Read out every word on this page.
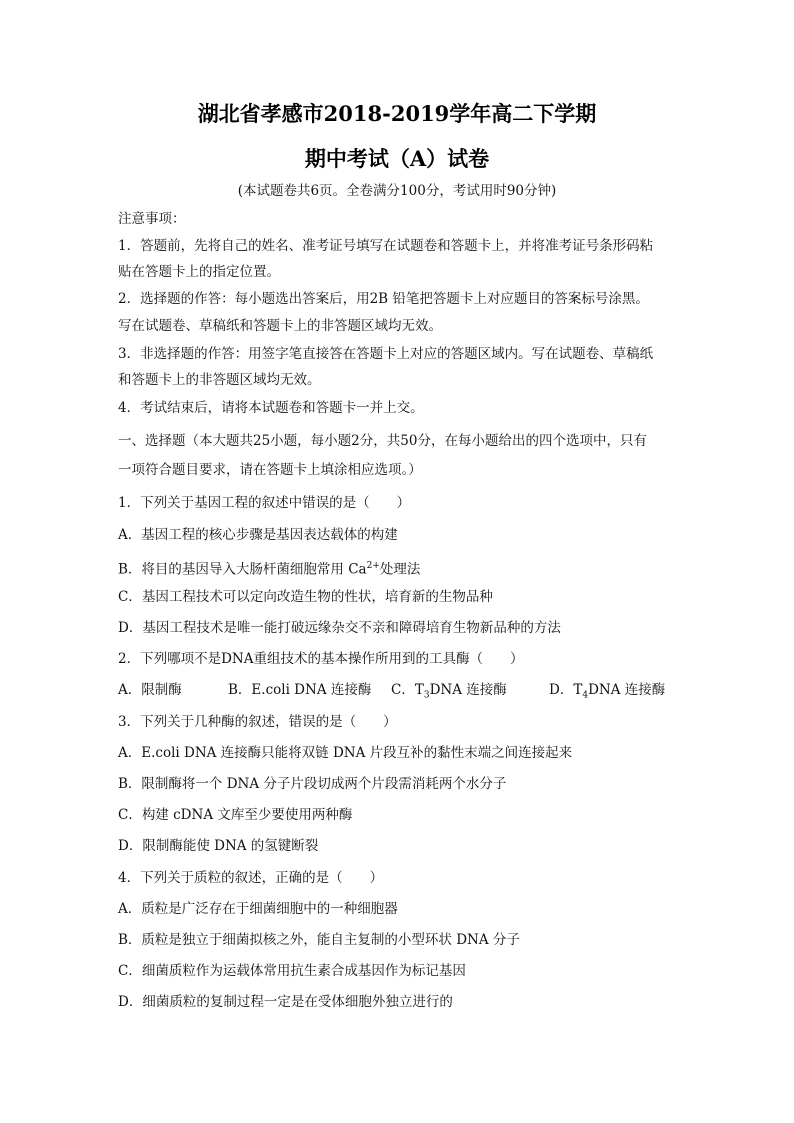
湖北省孝感市2018-2019学年高二下学期
期中考试（A）试卷
(本试题卷共6页。全卷满分100分，考试用时90分钟)
注意事项：
1．答题前，先将自己的姓名、准考证号填写在试题卷和答题卡上，并将准考证号条形码粘
贴在答题卡上的指定位置。
2．选择题的作答：每小题选出答案后，用2B 铅笔把答题卡上对应题目的答案标号涂黑。
写在试题卷、草稿纸和答题卡上的非答题区域均无效。
3．非选择题的作答：用签字笔直接答在答题卡上对应的答题区域内。写在试题卷、草稿纸
和答题卡上的非答题区域均无效。
4．考试结束后，请将本试题卷和答题卡一并上交。
一、选择题（本大题共25小题，每小题2分，共50分，在每小题给出的四个选项中，只有
一项符合题目要求，请在答题卡上填涂相应选项。）
1．下列关于基因工程的叙述中错误的是（　　）
A．基因工程的核心步骤是基因表达载体的构建
B．将目的基因导入大肠杆菌细胞常用 $Ca^{2+}$处理法
C．基因工程技术可以定向改造生物的性状，培育新的生物品种
D．基因工程技术是唯一能打破远缘杂交不亲和障碍培育生物新品种的方法
2．下列哪项不是DNA重组技术的基本操作所用到的工具酶（　　）
A．限制酶	B．E.coli DNA 连接酶 C．$T_3DNA$ 连接酶	D．$T_4DNA$ 连接酶
3．下列关于几种酶的叙述，错误的是（　　）
A．E.coli DNA 连接酶只能将双链 DNA 片段互补的黏性末端之间连接起来
B．限制酶将一个 DNA 分子片段切成两个片段需消耗两个水分子
C．构建 cDNA 文库至少要使用两种酶
D．限制酶能使 DNA 的氢键断裂
4．下列关于质粒的叙述，正确的是（　　）
A．质粒是广泛存在于细菌细胞中的一种细胞器
B．质粒是独立于细菌拟核之外，能自主复制的小型环状 DNA 分子
C．细菌质粒作为运载体常用抗生素合成基因作为标记基因
D．细菌质粒的复制过程一定是在受体细胞外独立进行的
